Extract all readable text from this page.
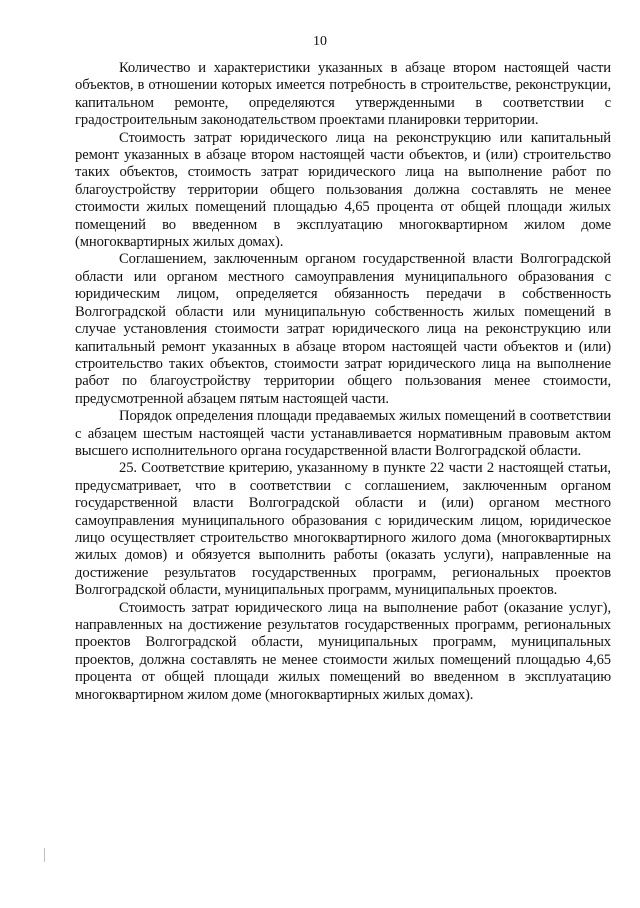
10

Количество и характеристики указанных в абзаце втором настоящей части объектов, в отношении которых имеется потребность в строительстве, реконструкции, капитальном ремонте, определяются утвержденными в соответствии с градостроительным законодательством проектами планировки территории.

Стоимость затрат юридического лица на реконструкцию или капитальный ремонт указанных в абзаце втором настоящей части объектов, и (или) строительство таких объектов, стоимость затрат юридического лица на выполнение работ по благоустройству территории общего пользования должна составлять не менее стоимости жилых помещений площадью 4,65 процента от общей площади жилых помещений во введенном в эксплуатацию многоквартирном жилом доме (многоквартирных жилых домах).

Соглашением, заключенным органом государственной власти Волгоградской области или органом местного самоуправления муниципального образования с юридическим лицом, определяется обязанность передачи в собственность Волгоградской области или муниципальную собственность жилых помещений в случае установления стоимости затрат юридического лица на реконструкцию или капитальный ремонт указанных в абзаце втором настоящей части объектов и (или) строительство таких объектов, стоимости затрат юридического лица на выполнение работ по благоустройству территории общего пользования менее стоимости, предусмотренной абзацем пятым настоящей части.

Порядок определения площади предаваемых жилых помещений в соответствии с абзацем шестым настоящей части устанавливается нормативным правовым актом высшего исполнительного органа государственной власти Волгоградской области.

25. Соответствие критерию, указанному в пункте 22 части 2 настоящей статьи, предусматривает, что в соответствии с соглашением, заключенным органом государственной власти Волгоградской области и (или) органом местного самоуправления муниципального образования с юридическим лицом, юридическое лицо осуществляет строительство многоквартирного жилого дома (многоквартирных жилых домов) и обязуется выполнить работы (оказать услуги), направленные на достижение результатов государственных программ, региональных проектов Волгоградской области, муниципальных программ, муниципальных проектов.

Стоимость затрат юридического лица на выполнение работ (оказание услуг), направленных на достижение результатов государственных программ, региональных проектов Волгоградской области, муниципальных программ, муниципальных проектов, должна составлять не менее стоимости жилых помещений площадью 4,65 процента от общей площади жилых помещений во введенном в эксплуатацию многоквартирном жилом доме (многоквартирных жилых домах).
